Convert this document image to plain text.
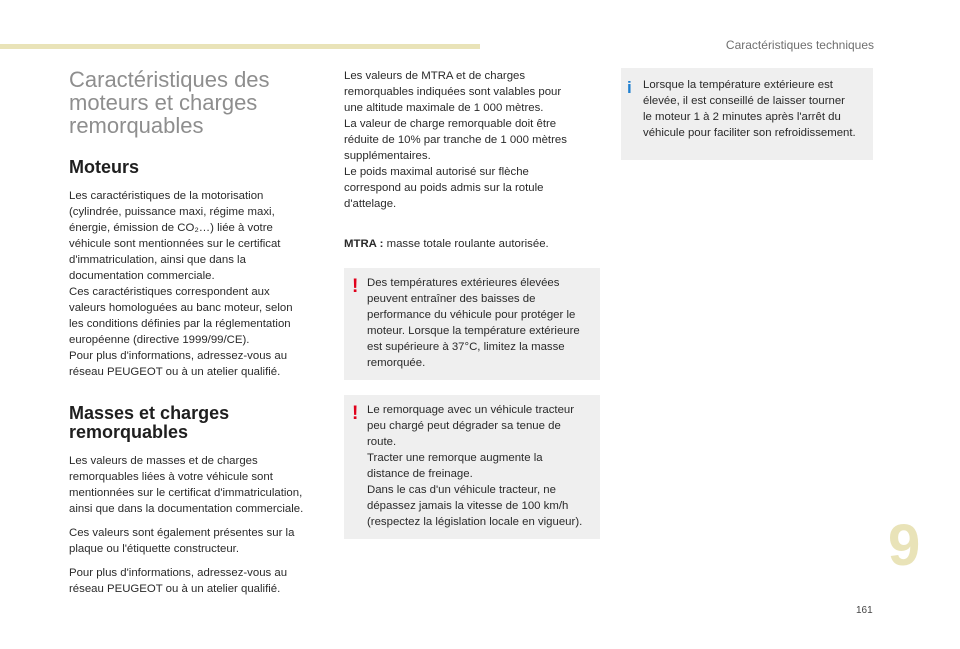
Caractéristiques techniques
Caractéristiques des
moteurs et charges
remorquables
Moteurs

Les caractéristiques de la motorisation
(cylindrée, puissance maxi, régime maxi,
énergie, émission de CO₂…) liée à votre
véhicule sont mentionnées sur le certificat
d'immatriculation, ainsi que dans la
documentation commerciale.
Ces caractéristiques correspondent aux
valeurs homologuées au banc moteur, selon
les conditions définies par la réglementation
européenne (directive 1999/99/CE).
Pour plus d'informations, adressez-vous au
réseau PEUGEOT ou à un atelier qualifié.

Masses et charges
remorquables

Les valeurs de masses et de charges
remorquables liées à votre véhicule sont
mentionnées sur le certificat d'immatriculation,
ainsi que dans la documentation commerciale.

Ces valeurs sont également présentes sur la
plaque ou l'étiquette constructeur.

Pour plus d'informations, adressez-vous au
réseau PEUGEOT ou à un atelier qualifié.

Les valeurs de MTRA et de charges
remorquables indiquées sont valables pour
une altitude maximale de 1 000 mètres.
La valeur de charge remorquable doit être
réduite de 10% par tranche de 1 000 mètres
supplémentaires.
Le poids maximal autorisé sur flèche
correspond au poids admis sur la rotule
d'attelage.

MTRA : masse totale roulante autorisée.

! Des températures extérieures élevées
peuvent entraîner des baisses de
performance du véhicule pour protéger le
moteur. Lorsque la température extérieure
est supérieure à 37°C, limitez la masse
remorquée.
! Le remorquage avec un véhicule tracteur
peu chargé peut dégrader sa tenue de
route.
Tracter une remorque augmente la
distance de freinage.
Dans le cas d'un véhicule tracteur, ne
dépassez jamais la vitesse de 100 km/h
(respectez la législation locale en vigueur).
i Lorsque la température extérieure est
élevée, il est conseillé de laisser tourner
le moteur 1 à 2 minutes après l'arrêt du
véhicule pour faciliter son refroidissement.
9
161
